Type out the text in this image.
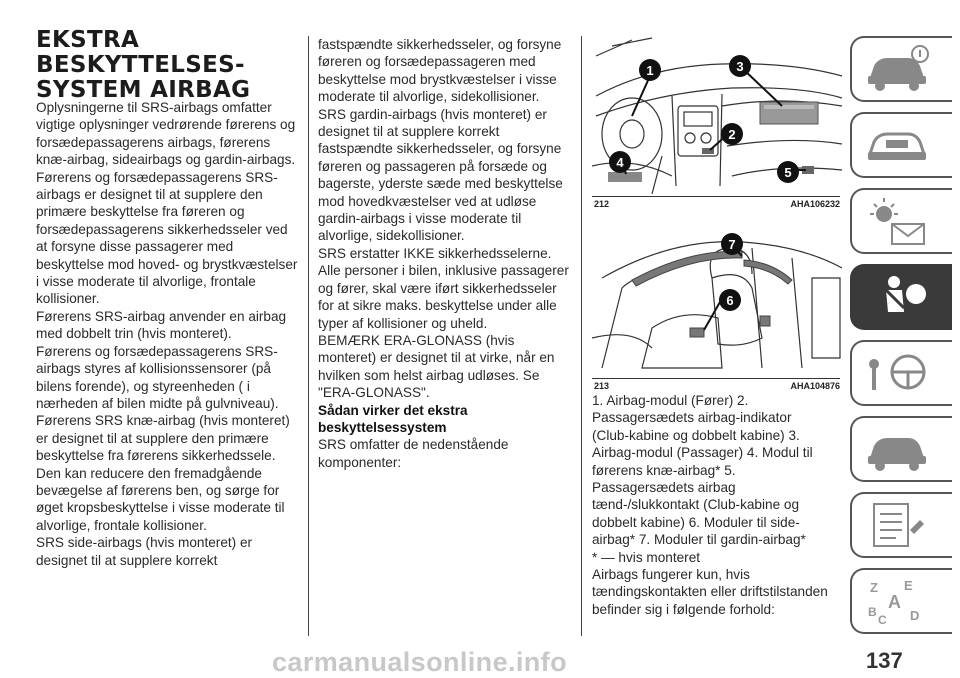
EKSTRA
BESKYTTELSES-
SYSTEM AIRBAG

Oplysningerne til SRS-airbags omfatter vigtige oplysninger vedrørende førerens og forsædepassagerens airbags, førerens knæ-airbag, sideairbags og gardin-airbags.

Førerens og forsædepassagerens SRS-airbags er designet til at supplere den primære beskyttelse fra føreren og forsædepassagerens sikkerhedsseler ved at forsyne disse passagerer med beskyttelse mod hoved- og brystkvæstelser i visse moderate til alvorlige, frontale kollisioner.

Førerens SRS-airbag anvender en airbag med dobbelt trin (hvis monteret).

Førerens og forsædepassagerens SRS-airbags styres af kollisionssensorer (på bilens forende), og styreenheden ( i nærheden af bilen midte på gulvniveau).

Førerens SRS knæ-airbag (hvis monteret) er designet til at supplere den primære beskyttelse fra førerens sikkerhedssele. Den kan reducere den fremadgående bevægelse af førerens ben, og sørge for øget kropsbeskyttelse i visse moderate til alvorlige, frontale kollisioner.

SRS side-airbags (hvis monteret) er designet til at supplere korrekt

fastspændte sikkerhedsseler, og forsyne føreren og forsædepassageren med beskyttelse mod brystkvæstelser i visse moderate til alvorlige, sidekollisioner.

SRS gardin-airbags (hvis monteret) er designet til at supplere korrekt fastspændte sikkerhedsseler, og forsyne føreren og passageren på forsæde og bagerste, yderste sæde med beskyttelse mod hovedkvæstelser ved at udløse gardin-airbags i visse moderate til alvorlige, sidekollisioner.

SRS erstatter IKKE sikkerhedsselerne. Alle personer i bilen, inklusive passagerer og fører, skal være iført sikkerhedsseler for at sikre maks. beskyttelse under alle typer af kollisioner og uheld.

BEMÆRK ERA-GLONASS (hvis monteret) er designet til at virke, når en hvilken som helst airbag udløses. Se "ERA-GLONASS".

Sådan virker det ekstra beskyttelsessystem

SRS omfatter de nedenstående komponenter:

1
2
3
4
5
212	AHA106232
6
7
213	AHA104876

1. Airbag-modul (Fører) 2. Passagersædets airbag-indikator (Club-kabine og dobbelt kabine) 3. Airbag-modul (Passager) 4. Modul til førerens knæ-airbag* 5. Passagersædets airbag tænd-/slukkontakt (Club-kabine og dobbelt kabine) 6. Moduler til side-airbag* 7. Moduler til gardin-airbag*

* — hvis monteret

Airbags fungerer kun, hvis tændingskontakten eller driftstilstanden befinder sig i følgende forhold:

Z E
A
B
C D
carmanualsonline.info	137
